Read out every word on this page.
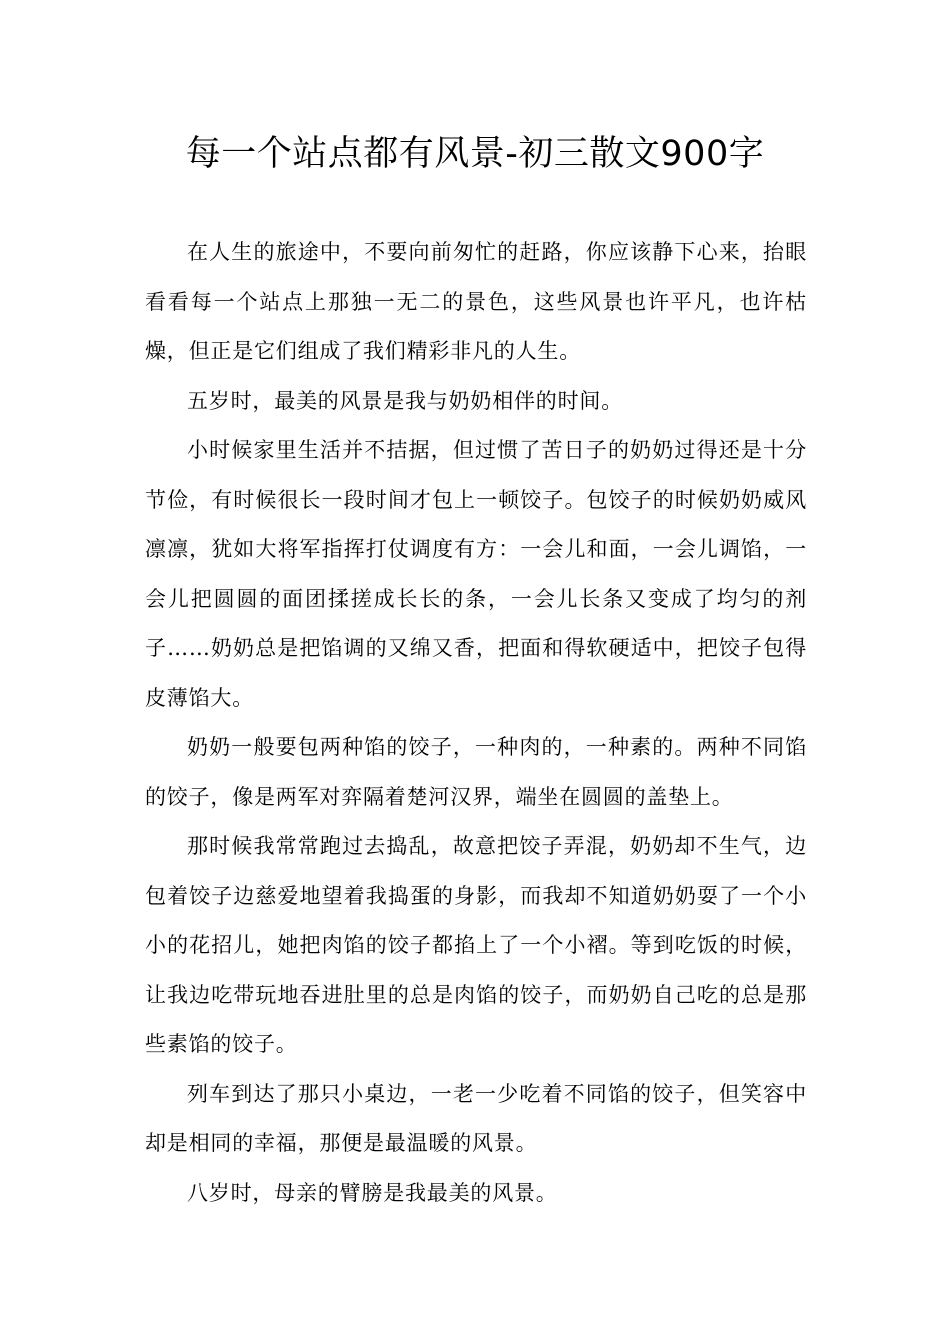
每一个站点都有风景-初三散文900字

在人生的旅途中，不要向前匆忙的赶路，你应该静下心来，抬眼看看每一个站点上那独一无二的景色，这些风景也许平凡，也许枯燥，但正是它们组成了我们精彩非凡的人生。

五岁时，最美的风景是我与奶奶相伴的时间。

小时候家里生活并不拮据，但过惯了苦日子的奶奶过得还是十分节俭，有时候很长一段时间才包上一顿饺子。包饺子的时候奶奶威风凛凛，犹如大将军指挥打仗调度有方：一会儿和面，一会儿调馅，一会儿把圆圆的面团揉搓成长长的条，一会儿长条又变成了均匀的剂子……奶奶总是把馅调的又绵又香，把面和得软硬适中，把饺子包得皮薄馅大。

奶奶一般要包两种馅的饺子，一种肉的，一种素的。两种不同馅的饺子，像是两军对弈隔着楚河汉界，端坐在圆圆的盖垫上。

那时候我常常跑过去捣乱，故意把饺子弄混，奶奶却不生气，边包着饺子边慈爱地望着我捣蛋的身影，而我却不知道奶奶耍了一个小小的花招儿，她把肉馅的饺子都掐上了一个小褶。等到吃饭的时候，让我边吃带玩地吞进肚里的总是肉馅的饺子，而奶奶自己吃的总是那些素馅的饺子。

列车到达了那只小桌边，一老一少吃着不同馅的饺子，但笑容中却是相同的幸福，那便是最温暖的风景。

八岁时，母亲的臂膀是我最美的风景。
